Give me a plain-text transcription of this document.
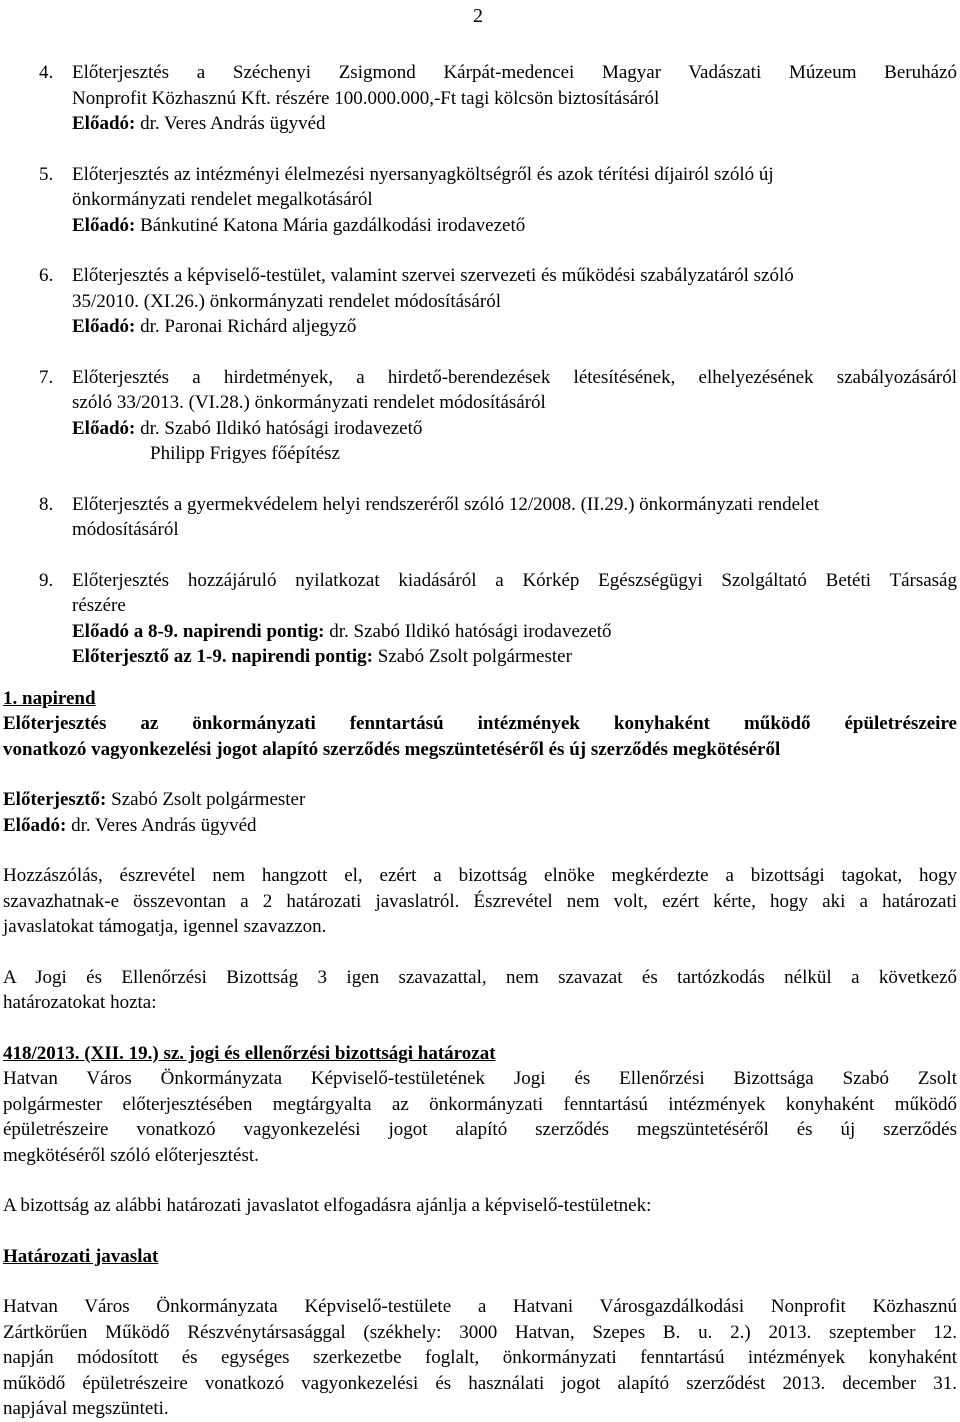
2
4. Előterjesztés a Széchenyi Zsigmond Kárpát-medencei Magyar Vadászati Múzeum Beruházó

Nonprofit Közhasznú Kft. részére 100.000.000,-Ft tagi kölcsön biztosításáról

Előadó: dr. Veres András ügyvéd

5. Előterjesztés az intézményi élelmezési nyersanyagköltségről és azok térítési díjairól szóló új

önkormányzati rendelet megalkotásáról

Előadó: Bánkutiné Katona Mária gazdálkodási irodavezető

6. Előterjesztés a képviselő-testület, valamint szervei szervezeti és működési szabályzatáról szóló

35/2010. (XI.26.) önkormányzati rendelet módosításáról

Előadó: dr. Paronai Richárd aljegyző

7. Előterjesztés a hirdetmények, a hirdető-berendezések létesítésének, elhelyezésének szabályozásáról

szóló 33/2013. (VI.28.) önkormányzati rendelet módosításáról

Előadó: dr. Szabó Ildikó hatósági irodavezető

Philipp Frigyes főépítész

8. Előterjesztés a gyermekvédelem helyi rendszeréről szóló 12/2008. (II.29.) önkormányzati rendelet

módosításáról

9. Előterjesztés hozzájáruló nyilatkozat kiadásáról a Kórkép Egészségügyi Szolgáltató Betéti Társaság

részére

Előadó a 8-9. napirendi pontig: dr. Szabó Ildikó hatósági irodavezető

Előterjesztő az 1-9. napirendi pontig: Szabó Zsolt polgármester

1. napirend

Előterjesztés az önkormányzati fenntartású intézmények konyhaként működő épületrészeire

vonatkozó vagyonkezelési jogot alapító szerződés megszüntetéséről és új szerződés megkötéséről

Előterjesztő: Szabó Zsolt polgármester

Előadó: dr. Veres András ügyvéd

Hozzászólás, észrevétel nem hangzott el, ezért a bizottság elnöke megkérdezte a bizottsági tagokat, hogy

szavazhatnak-e összevontan a 2 határozati javaslatról. Észrevétel nem volt, ezért kérte, hogy aki a határozati

javaslatokat támogatja, igennel szavazzon.

A Jogi és Ellenőrzési Bizottság 3 igen szavazattal, nem szavazat és tartózkodás nélkül a következő

határozatokat hozta:

418/2013. (XII. 19.) sz. jogi és ellenőrzési bizottsági határozat

Hatvan Város Önkormányzata Képviselő-testületének Jogi és Ellenőrzési Bizottsága Szabó Zsolt

polgármester előterjesztésében megtárgyalta az önkormányzati fenntartású intézmények konyhaként működő

épületrészeire vonatkozó vagyonkezelési jogot alapító szerződés megszüntetéséről és új szerződés

megkötéséről szóló előterjesztést.

A bizottság az alábbi határozati javaslatot elfogadásra ajánlja a képviselő-testületnek:

Határozati javaslat

Hatvan Város Önkormányzata Képviselő-testülete a Hatvani Városgazdálkodási Nonprofit Közhasznú

Zártkörűen Működő Részvénytársasággal (székhely: 3000 Hatvan, Szepes B. u. 2.) 2013. szeptember 12.

napján módosított és egységes szerkezetbe foglalt, önkormányzati fenntartású intézmények konyhaként

működő épületrészeire vonatkozó vagyonkezelési és használati jogot alapító szerződést 2013. december 31.

napjával megszünteti.
